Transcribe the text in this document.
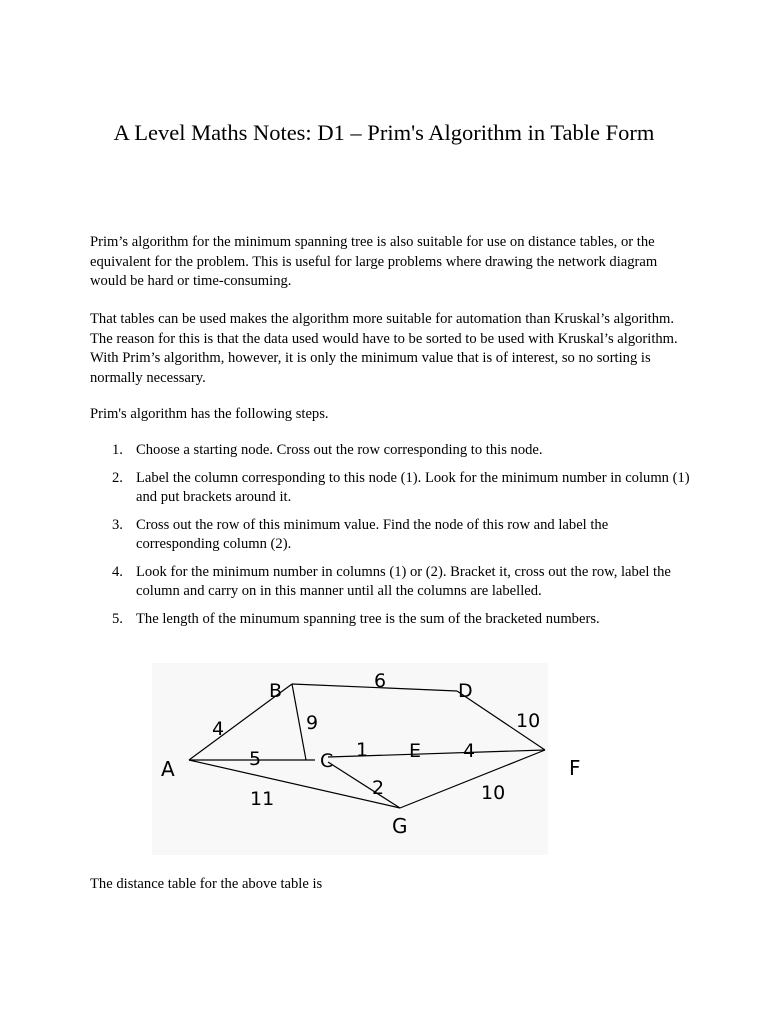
A Level Maths Notes: D1 – Prim's Algorithm in Table Form

Prim’s algorithm for the minimum spanning tree is also suitable for use on distance tables, or the equivalent for the problem. This is useful for large problems where drawing the network diagram would be hard or time-consuming.

That tables can be used makes the algorithm more suitable for automation than Kruskal’s algorithm. The reason for this is that the data used would have to be sorted to be used with Kruskal’s algorithm. With Prim’s algorithm, however, it is only the minimum value that is of interest, so no sorting is normally necessary.

Prim's algorithm has the following steps.

1. Choose a starting node. Cross out the row corresponding to this node.
2. Label the column corresponding to this node (1). Look for the minimum number in column (1) and put brackets around it.
3. Cross out the row of this minimum value. Find the node of this row and label the corresponding column (2).
4. Look for the minimum number in columns (1) or (2). Bracket it, cross out the row, label the column and carry on in this manner until all the columns are labelled.
5. The length of the minumum spanning tree is the sum of the bracketed numbers.
B	D
C	E
A	F
G
4
5
11
9
6
1
2
4
10
10

The distance table for the above table is
